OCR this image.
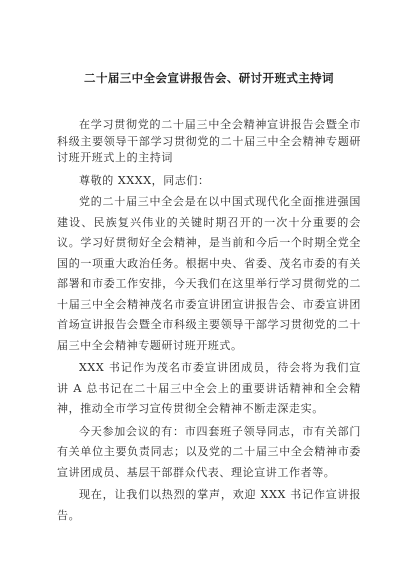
二十届三中全会宣讲报告会、研讨开班式主持词

在学习贯彻党的二十届三中全会精神宣讲报告会暨全市科级主要领导干部学习贯彻党的二十届三中全会精神专题研讨班开班式上的主持词

尊敬的 XXXX，同志们：

党的二十届三中全会是在以中国式现代化全面推进强国建设、民族复兴伟业的关键时期召开的一次十分重要的会议。学习好贯彻好全会精神，是当前和今后一个时期全党全国的一项重大政治任务。根据中央、省委、茂名市委的有关部署和市委工作安排，今天我们在这里举行学习贯彻党的二十届三中全会精神茂名市委宣讲团宣讲报告会、市委宣讲团首场宣讲报告会暨全市科级主要领导干部学习贯彻党的二十届三中全会精神专题研讨班开班式。

XXX 书记作为茂名市委宣讲团成员，待会将为我们宣讲 A 总书记在二十届三中全会上的重要讲话精神和全会精神，推动全市学习宣传贯彻全会精神不断走深走实。

今天参加会议的有：市四套班子领导同志，市有关部门有关单位主要负责同志；以及党的二十届三中全会精神市委宣讲团成员、基层干部群众代表、理论宣讲工作者等。

现在，让我们以热烈的掌声，欢迎 XXX 书记作宣讲报告。
